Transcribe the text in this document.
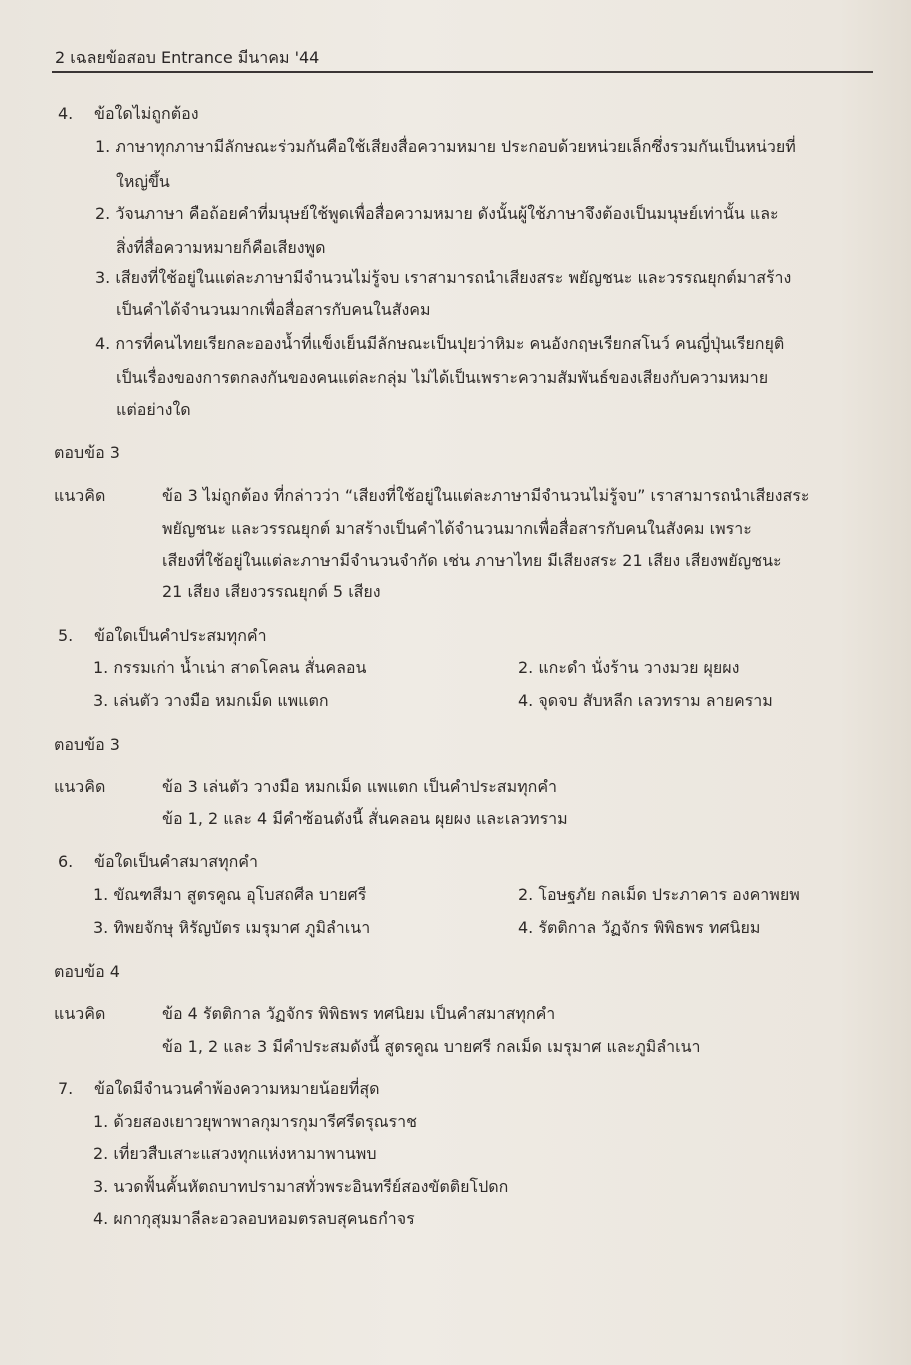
2 เฉลยข้อสอบ Entrance มีนาคม '44
4. ข้อใดไม่ถูกต้อง
1. ภาษาทุกภาษามีลักษณะร่วมกันคือใช้เสียงสื่อความหมาย ประกอบด้วยหน่วยเล็กซึ่งรวมกันเป็นหน่วยที่
ใหญ่ขึ้น
2. วัจนภาษา คือถ้อยคำที่มนุษย์ใช้พูดเพื่อสื่อความหมาย ดังนั้นผู้ใช้ภาษาจึงต้องเป็นมนุษย์เท่านั้น และ
สิ่งที่สื่อความหมายก็คือเสียงพูด
3. เสียงที่ใช้อยู่ในแต่ละภาษามีจำนวนไม่รู้จบ เราสามารถนำเสียงสระ พยัญชนะ และวรรณยุกต์มาสร้าง
เป็นคำได้จำนวนมากเพื่อสื่อสารกับคนในสังคม
4. การที่คนไทยเรียกละอองน้ำที่แข็งเย็นมีลักษณะเป็นปุยว่าหิมะ คนอังกฤษเรียกสโนว์ คนญี่ปุ่นเรียกยุติ
เป็นเรื่องของการตกลงกันของคนแต่ละกลุ่ม ไม่ได้เป็นเพราะความสัมพันธ์ของเสียงกับความหมาย
แต่อย่างใด
ตอบข้อ 3
แนวคิด	ข้อ 3 ไม่ถูกต้อง ที่กล่าวว่า “เสียงที่ใช้อยู่ในแต่ละภาษามีจำนวนไม่รู้จบ” เราสามารถนำเสียงสระ
พยัญชนะ และวรรณยุกต์ มาสร้างเป็นคำได้จำนวนมากเพื่อสื่อสารกับคนในสังคม เพราะ
เสียงที่ใช้อยู่ในแต่ละภาษามีจำนวนจำกัด เช่น ภาษาไทย มีเสียงสระ 21 เสียง เสียงพยัญชนะ
21 เสียง เสียงวรรณยุกต์ 5 เสียง
5. ข้อใดเป็นคำประสมทุกคำ
1. กรรมเก่า น้ำเน่า สาดโคลน สั่นคลอน	2. แกะดำ นั่งร้าน วางมวย ผุยผง
3. เล่นตัว วางมือ หมกเม็ด แพแตก	4. จุดจบ สับหลีก เลวทราม ลายคราม
ตอบข้อ 3
แนวคิด	ข้อ 3 เล่นตัว วางมือ หมกเม็ด แพแตก เป็นคำประสมทุกคำ
ข้อ 1, 2 และ 4 มีคำซ้อนดังนี้ สั่นคลอน ผุยผง และเลวทราม
6. ข้อใดเป็นคำสมาสทุกคำ
1. ขัณฑสีมา สูตรคูณ อุโบสถศีล บายศรี	2. โอษฐภัย กลเม็ด ประภาคาร องคาพยพ
3. ทิพยจักษุ หิรัญบัตร เมรุมาศ ภูมิลำเนา	4. รัตติกาล วัฏจักร พิพิธพร ทศนิยม
ตอบข้อ 4
แนวคิด	ข้อ 4 รัตติกาล วัฏจักร พิพิธพร ทศนิยม เป็นคำสมาสทุกคำ
ข้อ 1, 2 และ 3 มีคำประสมดังนี้ สูตรคูณ บายศรี กลเม็ด เมรุมาศ และภูมิลำเนา
7. ข้อใดมีจำนวนคำพ้องความหมายน้อยที่สุด
1. ด้วยสองเยาวยุพาพาลกุมารกุมารีศรีดรุณราช
2. เที่ยวสืบเสาะแสวงทุกแห่งหามาพานพบ
3. นวดฟั้นคั้นหัตถบาทปรามาสทั่วพระอินทรีย์สองขัตติยโปดก
4. ผกากุสุมมาลีละอวลอบหอมตรลบสุคนธกำจร
